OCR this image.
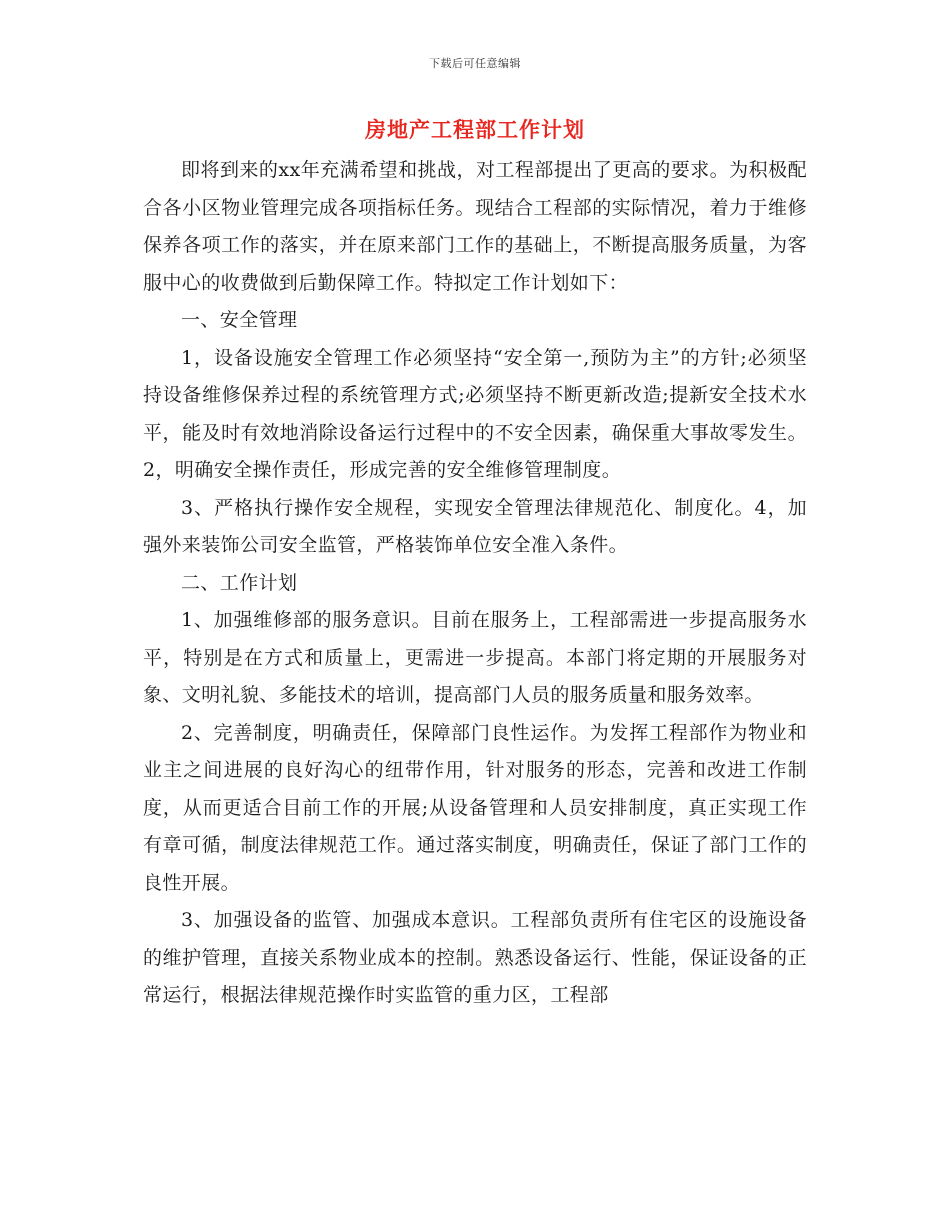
下载后可任意编辑
房地产工程部工作计划

即将到来的xx年充满希望和挑战，对工程部提出了更高的要求。为积极配合各小区物业管理完成各项指标任务。现结合工程部的实际情况，着力于维修保养各项工作的落实，并在原来部门工作的基础上，不断提高服务质量，为客服中心的收费做到后勤保障工作。特拟定工作计划如下：

一、安全管理

1，设备设施安全管理工作必须坚持“安全第一,预防为主”的方针;必须坚持设备维修保养过程的系统管理方式;必须坚持不断更新改造;提新安全技术水平，能及时有效地消除设备运行过程中的不安全因素，确保重大事故零发生。2，明确安全操作责任，形成完善的安全维修管理制度。

3、严格执行操作安全规程，实现安全管理法律规范化、制度化。4，加强外来装饰公司安全监管，严格装饰单位安全准入条件。

二、工作计划

1、加强维修部的服务意识。目前在服务上，工程部需进一步提高服务水平，特别是在方式和质量上，更需进一步提高。本部门将定期的开展服务对象、文明礼貌、多能技术的培训，提高部门人员的服务质量和服务效率。

2、完善制度，明确责任，保障部门良性运作。为发挥工程部作为物业和业主之间进展的良好沟心的纽带作用，针对服务的形态，完善和改进工作制度，从而更适合目前工作的开展;从设备管理和人员安排制度，真正实现工作有章可循，制度法律规范工作。通过落实制度，明确责任，保证了部门工作的良性开展。

3、加强设备的监管、加强成本意识。工程部负责所有住宅区的设施设备的维护管理，直接关系物业成本的控制。熟悉设备运行、性能，保证设备的正常运行，根据法律规范操作时实监管的重力区，工程部
